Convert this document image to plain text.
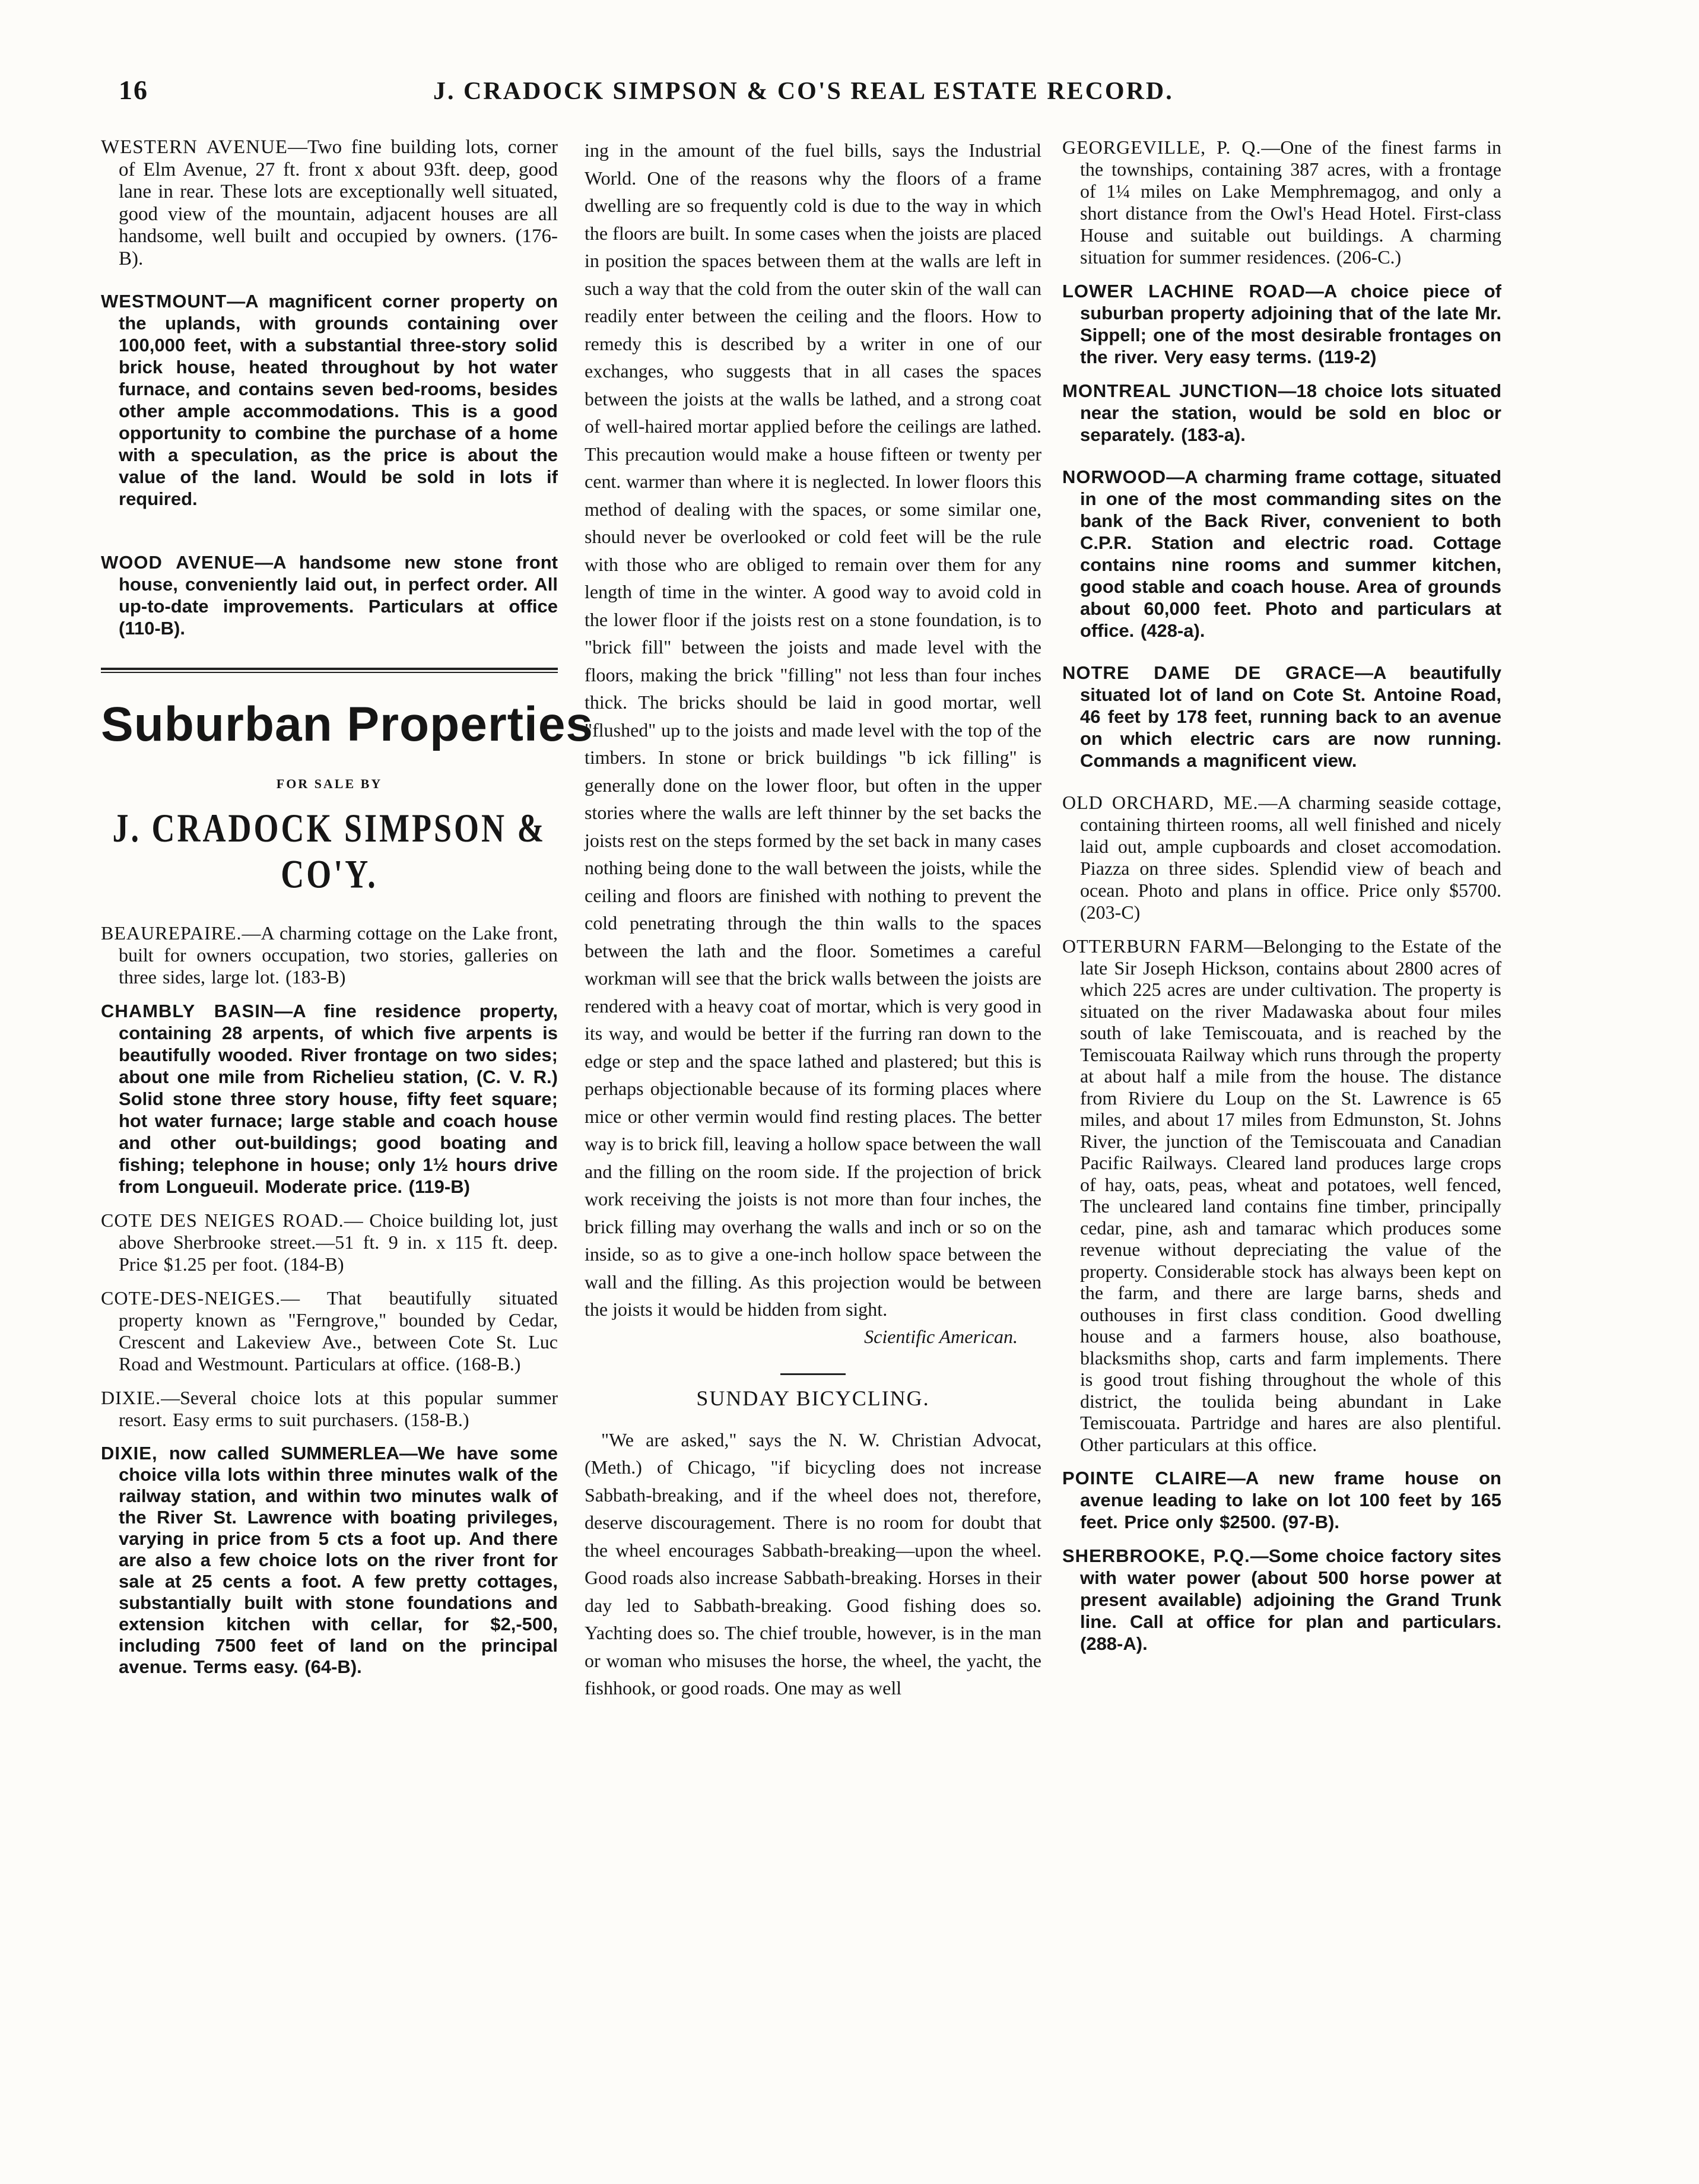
16	J. CRADOCK SIMPSON & CO'S REAL ESTATE RECORD.

WESTERN AVENUE—Two fine building lots, corner of Elm Avenue, 27 ft. front x about 93ft. deep, good lane in rear. These lots are exceptionally well situated, good view of the mountain, adjacent houses are all handsome, well built and occupied by owners. (176-B).

WESTMOUNT—A magnificent corner property on the uplands, with grounds containing over 100,000 feet, with a substantial three-story solid brick house, heated throughout by hot water furnace, and contains seven bed-rooms, besides other ample accommodations. This is a good opportunity to combine the purchase of a home with a speculation, as the price is about the value of the land. Would be sold in lots if required.

WOOD AVENUE—A handsome new stone front house, conveniently laid out, in perfect order. All up-to-date improvements. Particulars at office (110-B).

Suburban Properties
FOR SALE BY
J. CRADOCK SIMPSON & CO'Y.

BEAUREPAIRE.—A charming cottage on the Lake front, built for owners occupation, two stories, galleries on three sides, large lot. (183-B)

CHAMBLY BASIN—A fine residence property, containing 28 arpents, of which five arpents is beautifully wooded. River frontage on two sides; about one mile from Richelieu station, (C. V. R.) Solid stone three story house, fifty feet square; hot water furnace; large stable and coach house and other out-buildings; good boating and fishing; telephone in house; only 1½ hours drive from Longueuil. Moderate price. (119-B)

COTE DES NEIGES ROAD.— Choice building lot, just above Sherbrooke street.—51 ft. 9 in. x 115 ft. deep. Price $1.25 per foot. (184-B)

COTE-DES-NEIGES.— That beautifully situated property known as "Ferngrove," bounded by Cedar, Crescent and Lakeview Ave., between Cote St. Luc Road and Westmount. Particulars at office. (168-B.)

DIXIE.—Several choice lots at this popular summer resort. Easy erms to suit purchasers. (158-B.)

DIXIE, now called SUMMERLEA—We have some choice villa lots within three minutes walk of the railway station, and within two minutes walk of the River St. Lawrence with boating privileges, varying in price from 5 cts a foot up. And there are also a few choice lots on the river front for sale at 25 cents a foot. A few pretty cottages, substantially built with stone foundations and extension kitchen with cellar, for $2,-500, including 7500 feet of land on the principal avenue. Terms easy. (64-B).

ing in the amount of the fuel bills, says the Industrial World. One of the reasons why the floors of a frame dwelling are so frequently cold is due to the way in which the floors are built. In some cases when the joists are placed in position the spaces between them at the walls are left in such a way that the cold from the outer skin of the wall can readily enter between the ceiling and the floors. How to remedy this is described by a writer in one of our exchanges, who suggests that in all cases the spaces between the joists at the walls be lathed, and a strong coat of well-haired mortar applied before the ceilings are lathed. This precaution would make a house fifteen or twenty per cent. warmer than where it is neglected. In lower floors this method of dealing with the spaces, or some similar one, should never be overlooked or cold feet will be the rule with those who are obliged to remain over them for any length of time in the winter. A good way to avoid cold in the lower floor if the joists rest on a stone foundation, is to "brick fill" between the joists and made level with the floors, making the brick "filling" not less than four inches thick. The bricks should be laid in good mortar, well "flushed" up to the joists and made level with the top of the timbers. In stone or brick buildings "b ick filling" is generally done on the lower floor, but often in the upper stories where the walls are left thinner by the set backs the joists rest on the steps formed by the set back in many cases nothing being done to the wall between the joists, while the ceiling and floors are finished with nothing to prevent the cold penetrating through the thin walls to the spaces between the lath and the floor. Sometimes a careful workman will see that the brick walls between the joists are rendered with a heavy coat of mortar, which is very good in its way, and would be better if the furring ran down to the edge or step and the space lathed and plastered; but this is perhaps objectionable because of its forming places where mice or other vermin would find resting places. The better way is to brick fill, leaving a hollow space between the wall and the filling on the room side. If the projection of brick work receiving the joists is not more than four inches, the brick filling may overhang the walls and inch or so on the inside, so as to give a one-inch hollow space between the wall and the filling. As this projection would be between the joists it would be hidden from sight.

Scientific American.
SUNDAY BICYCLING.

"We are asked," says the N. W. Christian Advocat, (Meth.) of Chicago, "if bicycling does not increase Sabbath-breaking, and if the wheel does not, therefore, deserve discouragement. There is no room for doubt that the wheel encourages Sabbath-breaking—upon the wheel. Good roads also increase Sabbath-breaking. Horses in their day led to Sabbath-breaking. Good fishing does so. Yachting does so. The chief trouble, however, is in the man or woman who misuses the horse, the wheel, the yacht, the fishhook, or good roads. One may as well

GEORGEVILLE, P. Q.—One of the finest farms in the townships, containing 387 acres, with a frontage of 1¼ miles on Lake Memphremagog, and only a short distance from the Owl's Head Hotel. First-class House and suitable out buildings. A charming situation for summer residences. (206-C.)

LOWER LACHINE ROAD—A choice piece of suburban property adjoining that of the late Mr. Sippell; one of the most desirable frontages on the river. Very easy terms. (119-2)

MONTREAL JUNCTION—18 choice lots situated near the station, would be sold en bloc or separately. (183-a).

NORWOOD—A charming frame cottage, situated in one of the most commanding sites on the bank of the Back River, convenient to both C.P.R. Station and electric road. Cottage contains nine rooms and summer kitchen, good stable and coach house. Area of grounds about 60,000 feet. Photo and particulars at office. (428-a).

NOTRE DAME DE GRACE—A beautifully situated lot of land on Cote St. Antoine Road, 46 feet by 178 feet, running back to an avenue on which electric cars are now running. Commands a magnificent view.

OLD ORCHARD, ME.—A charming seaside cottage, containing thirteen rooms, all well finished and nicely laid out, ample cupboards and closet accomodation. Piazza on three sides. Splendid view of beach and ocean. Photo and plans in office. Price only $5700. (203-C)

OTTERBURN FARM—Belonging to the Estate of the late Sir Joseph Hickson, contains about 2800 acres of which 225 acres are under cultivation. The property is situated on the river Madawaska about four miles south of lake Temiscouata, and is reached by the Temiscouata Railway which runs through the property at about half a mile from the house. The distance from Riviere du Loup on the St. Lawrence is 65 miles, and about 17 miles from Edmunston, St. Johns River, the junction of the Temiscouata and Canadian Pacific Railways. Cleared land produces large crops of hay, oats, peas, wheat and potatoes, well fenced, The uncleared land contains fine timber, principally cedar, pine, ash and tamarac which produces some revenue without depreciating the value of the property. Considerable stock has always been kept on the farm, and there are large barns, sheds and outhouses in first class condition. Good dwelling house and a farmers house, also boathouse, blacksmiths shop, carts and farm implements. There is good trout fishing throughout the whole of this district, the toulida being abundant in Lake Temiscouata. Partridge and hares are also plentiful. Other particulars at this office.

POINTE CLAIRE—A new frame house on avenue leading to lake on lot 100 feet by 165 feet. Price only $2500. (97-B).

SHERBROOKE, P.Q.—Some choice factory sites with water power (about 500 horse power at present available) adjoining the Grand Trunk line. Call at office for plan and particulars. (288-A).
